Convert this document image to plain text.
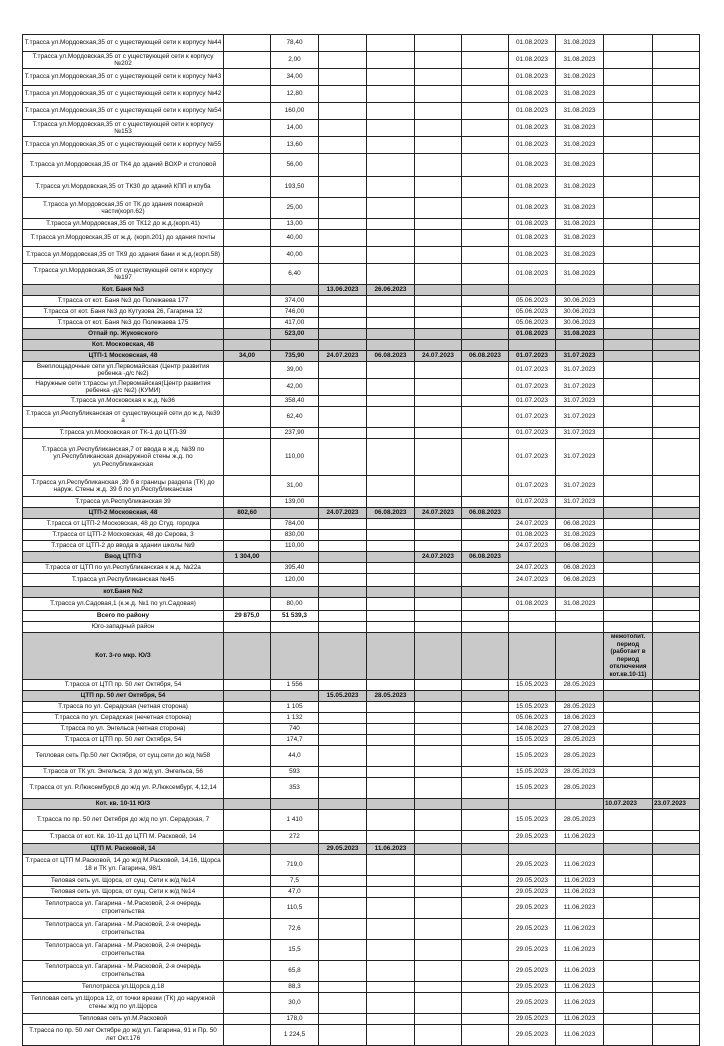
Т.трасса ул.Мордовская,35 от с уществующей сети к корпусу №44		78,40					01.08.2023	31.08.2023		
Т.трасса ул.Мордовская,35 от с уществующей сети к корпусу №202		2,00					01.08.2023	31.08.2023		
Т.трасса ул.Мордовская,35 от с уществующей сети к корпусу №43		34,00					01.08.2023	31.08.2023		
Т.трасса ул.Мордовская,35 от с уществующей сети к корпусу №42		12,80					01.08.2023	31.08.2023		
Т.трасса ул.Мордовская,35 от с уществующей сети к корпусу №54		160,00					01.08.2023	31.08.2023		
Т.трасса ул.Мордовская,35 от с уществующей сети к корпусу №153		14,00					01.08.2023	31.08.2023		
Т.трасса ул.Мордовская,35 от с уществующей сети к корпусу №55		13,60					01.08.2023	31.08.2023		
Т.трасса ул.Мордовская,35 от ТК4 до зданий ВОХР и столовой		56,00					01.08.2023	31.08.2023		
Т.трасса ул.Мордовская,35 от ТК30 до зданий КПП и клуба		193,50					01.08.2023	31.08.2023		
Т.трасса ул.Мордовская,35 от ТК до здания пожарной части(корп.62)		25,00					01.08.2023	31.08.2023		
Т.трасса ул.Мордовская,35 от ТК12 до ж.д.(корп.41)		13,00					01.08.2023	31.08.2023		
Т.трасса ул.Мордовская,35 от ж.д. (корп.201) до здания почты		40,00					01.08.2023	31.08.2023		
Т.трасса ул.Мордовская,35 от ТК9 до здания бани и ж.д.(корп.58)		40,00					01.08.2023	31.08.2023		
Т.трасса ул.Мордовская,35 от существующей сети к корпусу №197		6,40					01.08.2023	31.08.2023		
Кот. Баня №3			13.06.2023	26.06.2023						
Т.трасса от кот. Баня №3 до Полежаева 177		374,00					05.06.2023	30.06.2023		
Т.трасса от кот. Баня №3 до Кутузова 26, Гагарина 12		746,00					05.06.2023	30.06.2023		
Т.трасса от кот. Баня №3 до Полежаева 175		417,00					05.06.2023	30.06.2023		
Отпай пр. Жуковского		523,00					01.08.2023	31.08.2023		
Кот. Московская, 48										
ЦТП-1 Московская, 48	34,00	735,90	24.07.2023	06.08.2023	24.07.2023	06.08.2023	01.07.2023	31.07.2023		
Внеплощадочные сети ул.Первомайская (Центр развития ребенка -д/с №2)		39,00					01.07.2023	31.07.2023		
Наружные сети т.трассы ул.Первомайская(Центр развития ребенка -д/с №2) (КУМИ)		42,00					01.07.2023	31.07.2023		
Т.трасса ул.Московская к ж.д. №36		358,40					01.07.2023	31.07.2023		
Т.трасса ул.Республиканская от существующей сети до ж.д. №39 а		62,40					01.07.2023	31.07.2023		
Т.трасса ул.Московская от ТК-1 до ЦТП-39		237,90					01.07.2023	31.07.2023		
Т.трасса ул.Республиканская,7 от ввода в ж.д. №39 по ул.Республиканская донаружной стены ж.д. по ул.Республиканская		110,00					01.07.2023	31.07.2023		
Т.трасса ул.Республиканская ,39 б в границы раздела (ТК) до наруж. Стены ж.д. 39 б по ул.Республиканская		31,00					01.07.2023	31.07.2023		
Т.трасса ул.Республиканская 39		139,00					01.07.2023	31.07.2023		
ЦТП-2 Московская, 48	802,60		24.07.2023	06.08.2023	24.07.2023	06.08.2023				
Т.трасса от ЦТП-2 Московская, 48 до Студ. городка		784,00					24.07.2023	06.08.2023		
Т.трасса от ЦТП-2 Московская, 48 до Серова, 3		830,00					01.08.2023	31.08.2023		
Т.трасса от ЦТП-2 до ввода в здании школы №9		110,00					24.07.2023	06.08.2023		
Ввод ЦТП-3	1 304,00				24.07.2023	06.08.2023				
Т.трасса от ЦТП по ул.Республиканская к ж.д. №22а		395,40					24.07.2023	06.08.2023		
Т.трасса ул.Республиканская №45		120,00					24.07.2023	06.08.2023		
кот.Баня №2										
Т.трасса ул.Садовая,1 (к.ж.д. №1 по ул.Садовая)		80,00					01.08.2023	31.08.2023		
Всего по району	29 875,0	51 539,3								
Юго-западный район										
Кот. 3-го мкр. Ю/З									межотопит. период (работает в период отключения кот.кв.10-11)	
Т.трасса от ЦТП пр. 50 лет Октября, 54		1 556					15.05.2023	28.05.2023		
ЦТП пр. 50 лет Октября, 54			15.05.2023	28.05.2023						
Т.трасса по ул. Серадская (четная сторона)		1 105					15.05.2023	28.05.2023		
Т.трасса по ул. Серадская (нечетная сторона)		1 132					05.06.2023	18.06.2023		
Т.трасса по ул. Энгельса (четная сторона)		740					14.08.2023	27.08.2023		
Т.трасса от ЦТП пр. 50 лет Октября, 54		174,7					15.05.2023	28.05.2023		
Тепловая сеть Пр.50 лет Октября, от сущ.сети до ж/д №58		44,0					15.05.2023	28.05.2023		
Т.трасса от ТК ул. Энгельса, 3 до ж/д ул. Энгельса, 56		593					15.05.2023	28.05.2023		
Т.трасса от ул. Р.Люксембург,6 до ж/д ул. Р.Люксембург, 4,12,14		353					15.05.2023	28.05.2023		
Кот. кв. 10-11 Ю/З									10.07.2023	23.07.2023
Т.трасса по пр. 50 лет Октября до ж/д по ул. Серадская, 7		1 410					15.05.2023	28.05.2023		
Т.трасса от кот. Кв. 10-11 до ЦТП М. Расковой, 14		272					29.05.2023	11.06.2023		
ЦТП М. Расковой, 14			29.05.2023	11.06.2023						
Т.трасса от ЦТП М.Расковой, 14 до ж/д М.Расковой, 14,16, Щорса 18 и ТК ул. Гагарина, 98/1		719,0					29.05.2023	11.06.2023		
Теловая сеть ул. Щорса, от сущ. Сети к ж/д №14		7,5					29.05.2023	11.06.2023		
Теловая сеть ул. Щорса, от сущ. Сети к ж/д №14		47,0					29.05.2023	11.06.2023		
Теплотрасса ул. Гагарина - М.Расковой, 2-я очередь строительства		110,5					29.05.2023	11.06.2023		
Теплотрасса ул. Гагарина - М.Расковой, 2-я очередь строительства		72,6					29.05.2023	11.06.2023		
Теплотрасса ул. Гагарина - М.Расковой, 2-я очередь строительства		15,5					29.05.2023	11.06.2023		
Теплотрасса ул. Гагарина - М.Расковой, 2-я очередь строительства		65,8					29.05.2023	11.06.2023		
Теплотрасса ул.Щорса д.18		88,3					29.05.2023	11.06.2023		
Тепловая сеть ул.Щорса 12, от точки врезки (ТК) до наружной стены ж/д по ул.Щорса		30,0					29.05.2023	11.06.2023		
Тепловая сеть ул.М.Расковой		178,0					29.05.2023	11.06.2023		
Т.трасса по пр. 50 лет Октябре до ж/д ул. Гагарина, 91 и Пр. 50 лет Окт.176		1 224,5					29.05.2023	11.06.2023		
